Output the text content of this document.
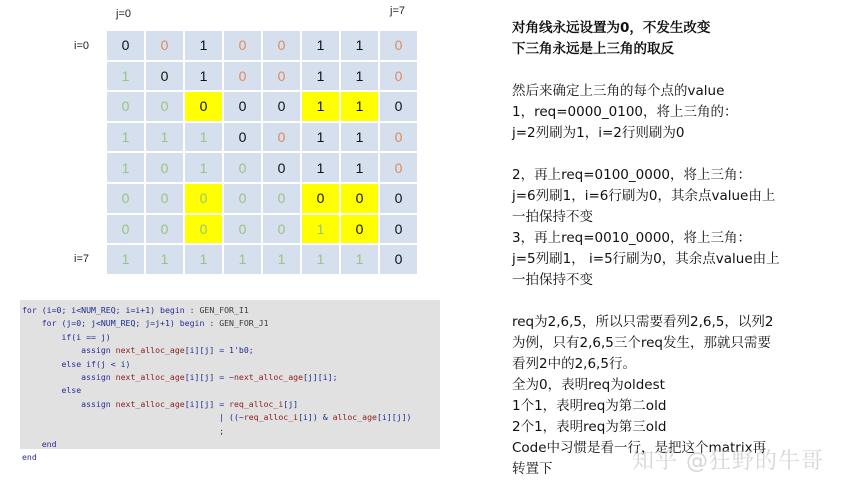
j=0	j=7
i=0
i=7
0	0	1	0	0	1	1	0
1	0	1	0	0	1	1	0
0	0	0	0	0	1	1	0
1	1	1	0	0	1	1	0
1	0	1	0	0	1	1	0
0	0	0	0	0	0	0	0
0	0	0	0	0	1	0	0
1	1	1	1	1	1	1	0
for (i=0; i<NUM_REQ; i=i+1) begin : GEN_FOR_I1
for (j=0; j<NUM_REQ; j=j+1) begin : GEN_FOR_J1
if(i == j)
assign next_alloc_age[i][j] = 1'b0;
else if(j < i)
assign next_alloc_age[i][j] = ~next_alloc_age[j][i];
else
assign next_alloc_age[i][j] = req_alloc_i[j]
| ((~req_alloc_i[i]) & alloc_age[i][j])
;
end
end
对角线永远设置为0，不发生改变
下三角永远是上三角的取反
然后来确定上三角的每个点的value
1，req=0000_0100，将上三角的：
j=2列刷为1，i=2行则刷为0
2，再上req=0100_0000，将上三角：
j=6列刷1，i=6行刷为0，其余点value由上
一拍保持不变
3，再上req=0010_0000，将上三角：
j=5列刷1， i=5行刷为0，其余点value由上
一拍保持不变
req为2,6,5，所以只需要看列2,6,5，以列2
为例，只有2,6,5三个req发生，那就只需要
看列2中的2,6,5行。
全为0，表明req为oldest
1个1，表明req为第二old
2个1，表明req为第三old
Code中习惯是看一行，是把这个matrix再
转置下	知乎 @狂野的牛哥
